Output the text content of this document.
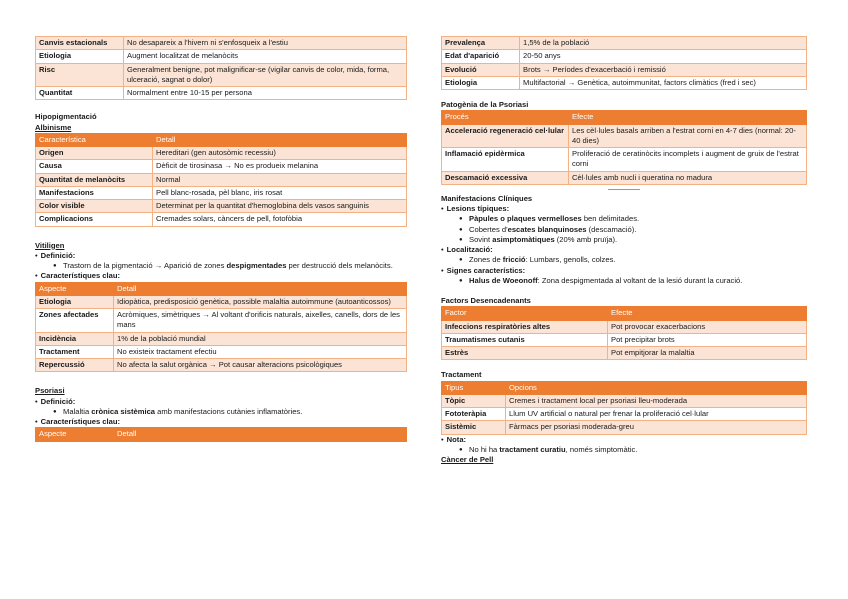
Canvis estacionals	No desapareix a l'hivern ni s'enfosqueix a l'estiu
Etiologia	Augment localitzat de melanòcits
Risc	Generalment benigne, pot malignificar-se (vigilar canvis de color, mida, forma, ulceració, sagnat o dolor)
Quantitat	Normalment entre 10-15 per persona
Hipopigmentació
Albinisme
Característica	Detall
Origen	Hereditari (gen autosòmic recessiu)
Causa	Dèficit de tirosinasa → No es produeix melanina
Quantitat de melanòcits	Normal
Manifestacions	Pell blanc-rosada, pèl blanc, iris rosat
Color visible	Determinat per la quantitat d'hemoglobina dels vasos sanguinis
Complicacions	Cremades solars, càncers de pell, fotofòbia
Vitiligen
• Definició:
● Trastorn de la pigmentació → Aparició de zones despigmentades per destrucció dels melanòcits.
• Característiques clau:
Aspecte	Detall
Etiologia	Idiopàtica, predisposició genètica, possible malaltia autoimmune (autoanticossos)
Zones afectades	Acròmiques, simètriques → Al voltant d'orificis naturals, aixelles, canells, dors de les mans
Incidència	1% de la població mundial
Tractament	No existeix tractament efectiu
Repercussió	No afecta la salut orgànica → Pot causar alteracions psicològiques
Psoriasi
• Definició:
● Malaltia crònica sistèmica amb manifestacions cutànies inflamatòries.
• Característiques clau:
Aspecte	Detall
Prevalença	1,5% de la població
Edat d'aparició	20-50 anys
Evolució	Brots → Períodes d'exacerbació i remissió
Etiologia	Multifactorial → Genètica, autoimmunitat, factors climàtics (fred i sec)
Patogènia de la Psoriasi
Procés	Efecte
Acceleració regeneració cel·lular	Les cèl·lules basals arriben a l'estrat corni en 4-7 dies (normal: 20-40 dies)
Inflamació epidèrmica	Proliferació de ceratinòcits incomplets i augment de gruix de l'estrat corni
Descamació excessiva	Cèl·lules amb nucli i queratina no madura
Manifestacions Clíniques
• Lesions típiques:
● Pàpules o plaques vermelloses ben delimitades.
● Cobertes d'escates blanquinoses (descamació).
● Sovint asimptomàtiques (20% amb pruïja).
• Localització:
● Zones de fricció: Lumbars, genolls, colzes.
• Signes característics:
● Halus de Woeonoff: Zona despigmentada al voltant de la lesió durant la curació.
Factors Desencadenants
Factor	Efecte
Infeccions respiratòries altes	Pot provocar exacerbacions
Traumatismes cutanis	Pot precipitar brots
Estrès	Pot empitjorar la malaltia
Tractament
Tipus	Opcions
Tòpic	Cremes i tractament local per psoriasi lleu-moderada
Fototeràpia	Llum UV artificial o natural per frenar la proliferació cel·lular
Sistèmic	Fàrmacs per psoriasi moderada-greu
• Nota:
● No hi ha tractament curatiu, només simptomàtic.
Càncer de Pell
